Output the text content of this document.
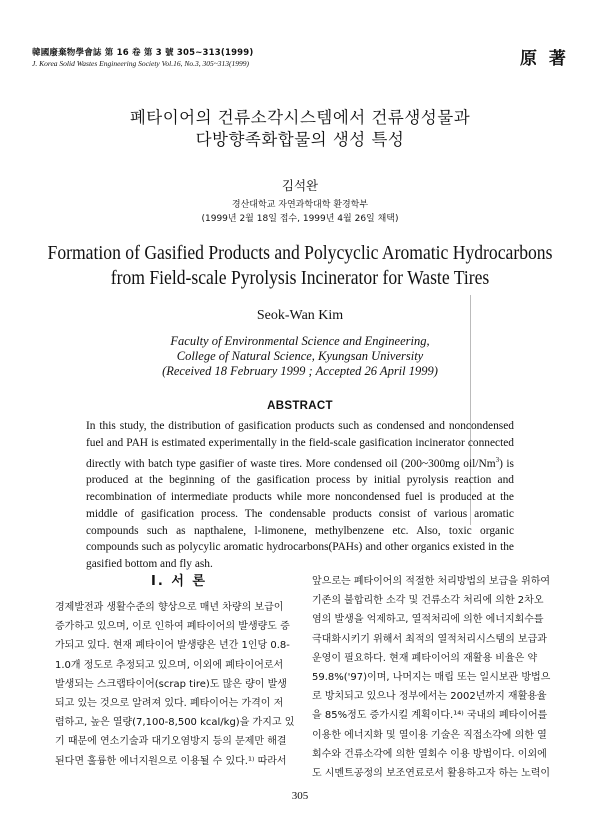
韓國廢棄物學會誌 第 16 卷 第 3 號 305~313(1999)
J. Korea Solid Wastes Engineering Society Vol.16, No.3, 305~313(1999)	原 著
폐타이어의 건류소각시스템에서 건류생성물과
다방향족화합물의 생성 특성
김석완
경산대학교 자연과학대학 환경학부
(1999년 2월 18일 접수, 1999년 4월 26일 채택)
Formation of Gasified Products and Polycyclic Aromatic Hydrocarbons
from Field-scale Pyrolysis Incinerator for Waste Tires
Seok-Wan Kim
Faculty of Environmental Science and Engineering,
College of Natural Science, Kyungsan University
(Received 18 February 1999 ; Accepted 26 April 1999)
ABSTRACT
In this study, the distribution of gasification products such as condensed and noncondensed fuel and PAH is estimated experimentally in the field-scale gasification incinerator connected directly with batch type gasifier of waste tires. More condensed oil (200~300mg oil/Nm$^3$) is produced at the beginning of the gasification process by initial pyrolysis reaction and recombination of intermediate products while more noncondensed fuel is produced at the middle of gasification process. The condensable products consist of various aromatic compounds such as napthalene, l-limonene, methylbenzene etc. Also, toxic organic compounds such as polycylic aromatic hydrocarbons(PAHs) and other organics existed in the gasified bottom and fly ash.
Ⅰ. 서 론
경제발전과 생활수준의 향상으로 매년 차량의 보급이
증가하고 있으며, 이로 인하여 폐타이어의 발생량도 증
가되고 있다. 현재 폐타이어 발생량은 년간 1인당 0.8-
1.0개 정도로 추정되고 있으며, 이외에 폐타이어로서
발생되는 스크랩타이어(scrap tire)도 많은 량이 발생
되고 있는 것으로 알려져 있다. 폐타이어는 가격이 저
렴하고, 높은 열량(7,100-8,500 kcal/kg)을 가지고 있
기 때문에 연소기술과 대기오염방지 등의 문제만 해결
된다면 훌륭한 에너지원으로 이용될 수 있다.¹⁾ 따라서
앞으로는 폐타이어의 적절한 처리방법의 보급을 위하여
기존의 불합리한 소각 및 건류소각 처리에 의한 2차오
염의 발생을 억제하고, 열적처리에 의한 에너지회수를
극대화시키기 위해서 최적의 열적처리시스템의 보급과
운영이 필요하다. 현재 폐타이어의 재활용 비율은 약
59.8%('97)이며, 나머지는 매립 또는 일시보관 방법으
로 방치되고 있으나 정부에서는 2002년까지 재활용율
을 85%정도 증가시킬 계획이다.¹⁴⁾ 국내의 폐타이어를
이용한 에너지화 및 열이용 기술은 직접소각에 의한 열
회수와 건류소각에 의한 열회수 이용 방법이다. 이외에
도 시멘트공정의 보조연료로서 활용하고자 하는 노력이
305
